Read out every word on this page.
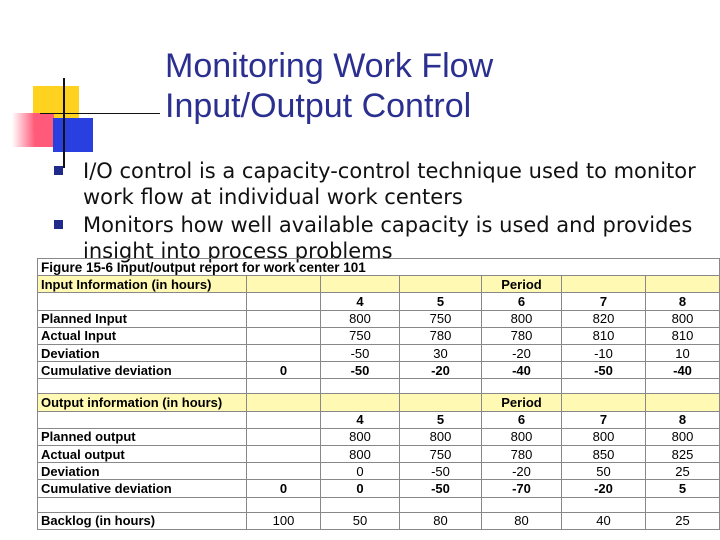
Monitoring Work Flow
Input/Output Control
I/O control is a capacity-control technique used to monitor work flow at individual work centers
Monitors how well available capacity is used and provides insight into process problems
Figure 15-6 Input/output report for work center 101						
Input Information (in hours)				Period		
		4	5	6	7	8
Planned Input		800	750	800	820	800
Actual Input		750	780	780	810	810
Deviation		-50	30	-20	-10	10
Cumulative deviation	0	-50	-20	-40	-50	-40

Output information (in hours)				Period		
		4	5	6	7	8
Planned output		800	800	800	800	800
Actual output		800	750	780	850	825
Deviation		0	-50	-20	50	25
Cumulative deviation	0	0	-50	-70	-20	5

Backlog (in hours)	100	50	80	80	40	25
